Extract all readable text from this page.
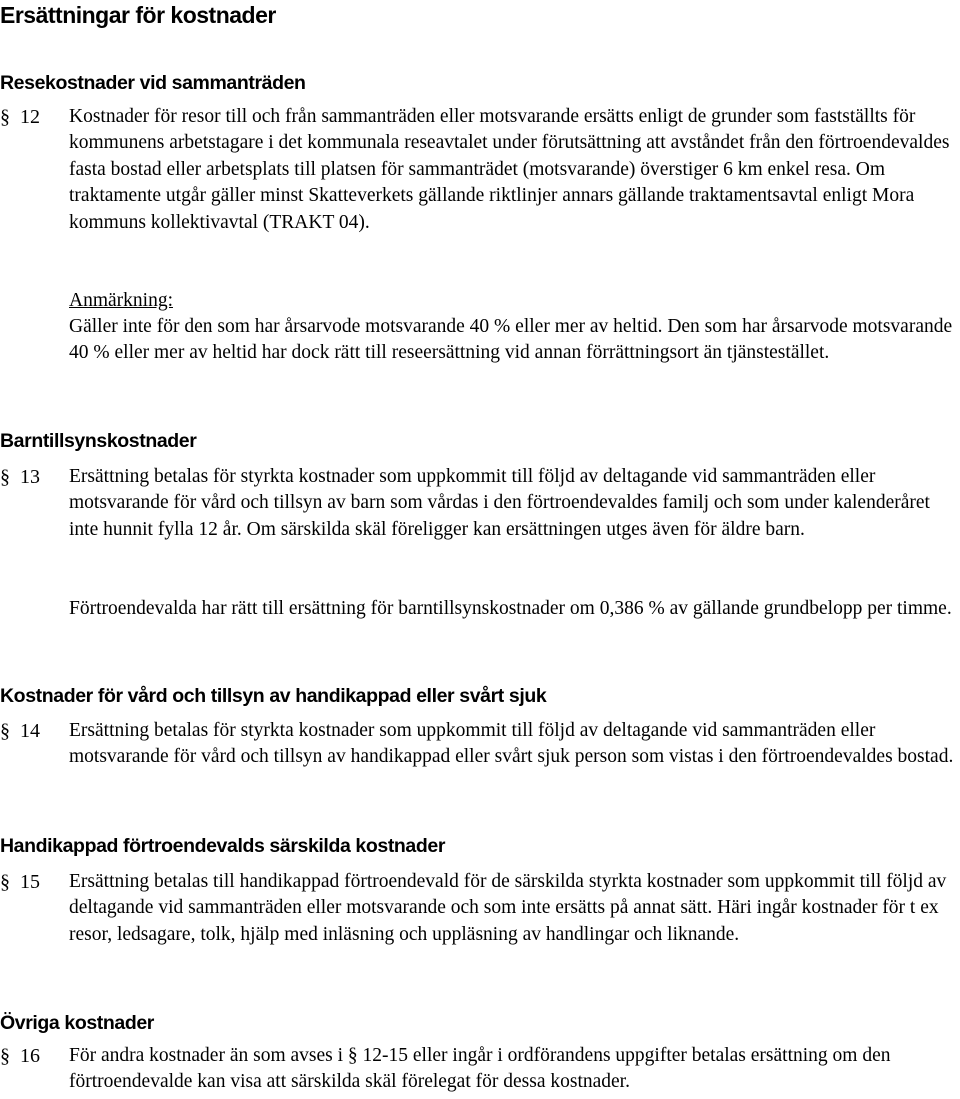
Ersättningar för kostnader
Resekostnader vid sammanträden
§ 12 Kostnader för resor till och från sammanträden eller motsvarande ersätts enligt de grunder som fastställts för kommunens arbetstagare i det kommunala reseavtalet under förutsättning att avståndet från den förtroendevaldes fasta bostad eller arbetsplats till platsen för sammanträdet (motsvarande) överstiger 6 km enkel resa. Om traktamente utgår gäller minst Skatteverkets gällande riktlinjer annars gällande traktamentsavtal enligt Mora kommuns kollektivavtal (TRAKT 04).

Anmärkning:

Gäller inte för den som har årsarvode motsvarande 40 % eller mer av heltid. Den som har årsarvode motsvarande 40 % eller mer av heltid har dock rätt till reseersättning vid annan förrättningsort än tjänstestället.

Barntillsynskostnader
§ 13 Ersättning betalas för styrkta kostnader som uppkommit till följd av deltagande vid sammanträden eller motsvarande för vård och tillsyn av barn som vårdas i den förtroendevaldes familj och som under kalenderåret inte hunnit fylla 12 år. Om särskilda skäl föreligger kan ersättningen utges även för äldre barn.

Förtroendevalda har rätt till ersättning för barntillsynskostnader om 0,386 % av gällande grundbelopp per timme.

Kostnader för vård och tillsyn av handikappad eller svårt sjuk
§ 14 Ersättning betalas för styrkta kostnader som uppkommit till följd av deltagande vid sammanträden eller motsvarande för vård och tillsyn av handikappad eller svårt sjuk person som vistas i den förtroendevaldes bostad.

Handikappad förtroendevalds särskilda kostnader
§ 15 Ersättning betalas till handikappad förtroendevald för de särskilda styrkta kostnader som uppkommit till följd av deltagande vid sammanträden eller motsvarande och som inte ersätts på annat sätt. Häri ingår kostnader för t ex resor, ledsagare, tolk, hjälp med inläsning och uppläsning av handlingar och liknande.

Övriga kostnader
§ 16 För andra kostnader än som avses i § 12-15 eller ingår i ordförandens uppgifter betalas ersättning om den förtroendevalde kan visa att särskilda skäl förelegat för dessa kostnader.
